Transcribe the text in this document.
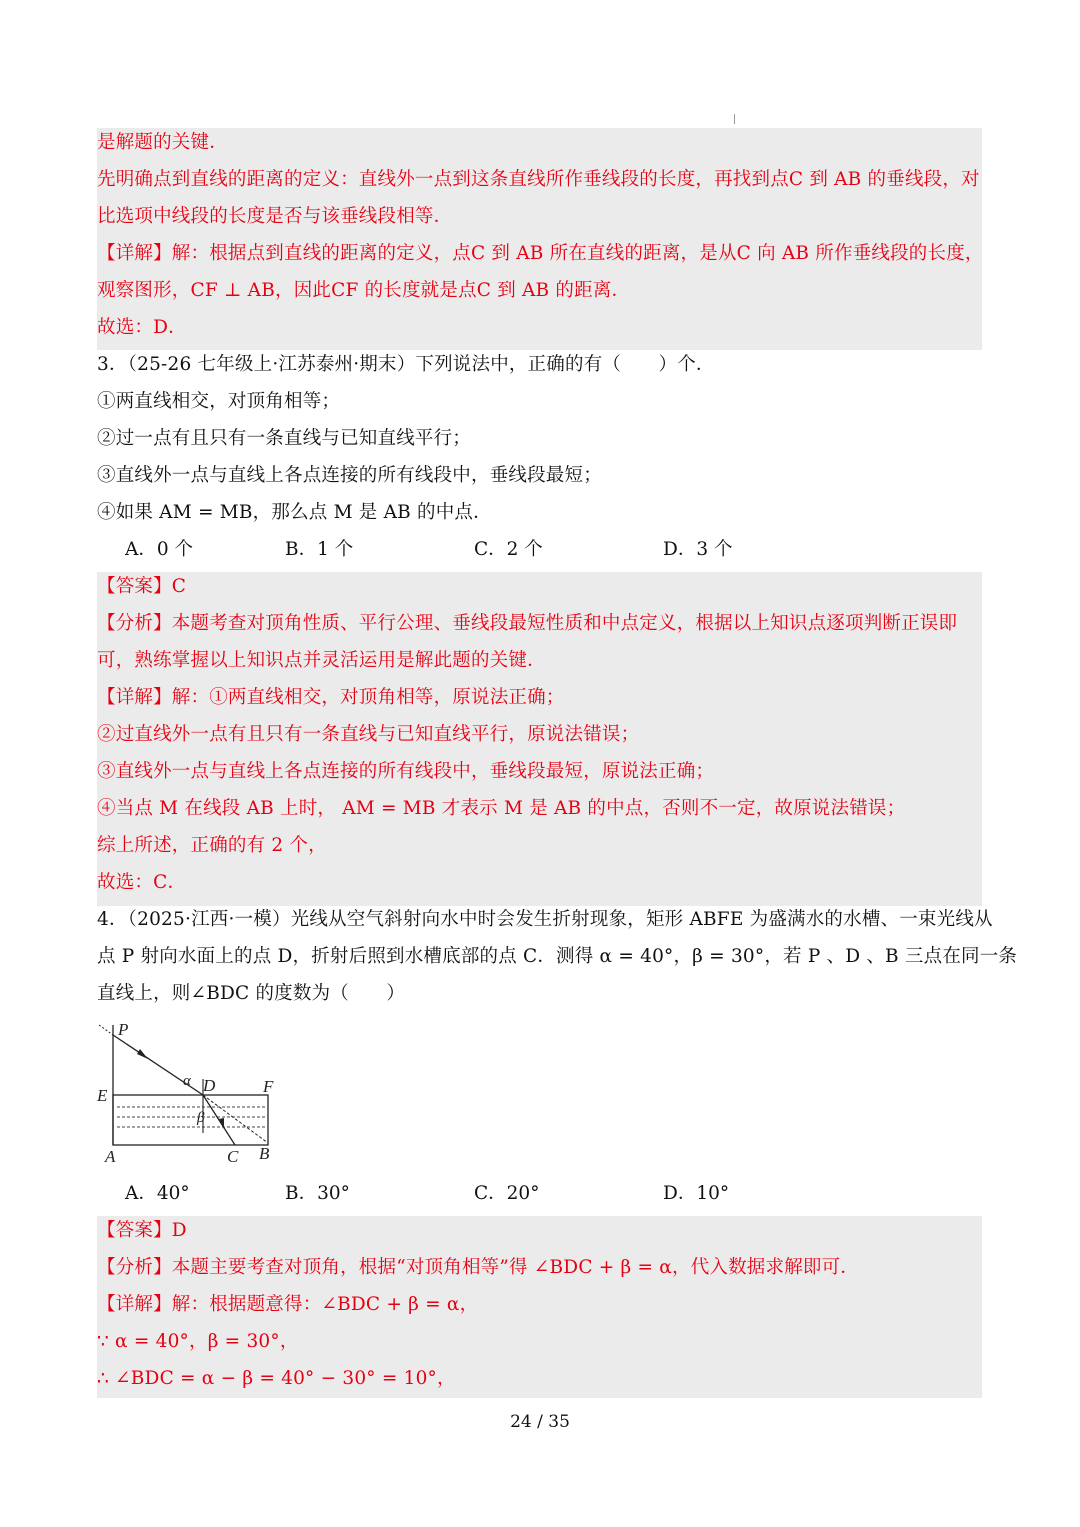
是解题的关键．
先明确点到直线的距离的定义：直线外一点到这条直线所作垂线段的长度，再找到点C 到 AB 的垂线段，对
比选项中线段的长度是否与该垂线段相等．
【详解】解：根据点到直线的距离的定义，点C 到 AB 所在直线的距离，是从C 向 AB 所作垂线段的长度，
观察图形，CF ⊥ AB，因此CF 的长度就是点C 到 AB 的距离．
故选：D．
3．（25-26 七年级上·江苏泰州·期末）下列说法中，正确的有（　　）个．
①两直线相交，对顶角相等；
②过一点有且只有一条直线与已知直线平行；
③直线外一点与直线上各点连接的所有线段中，垂线段最短；
④如果 AM = MB，那么点 M 是 AB 的中点．
A．0 个	B．1 个	C．2 个	D．3 个
【答案】C
【分析】本题考查对顶角性质、平行公理、垂线段最短性质和中点定义，根据以上知识点逐项判断正误即
可，熟练掌握以上知识点并灵活运用是解此题的关键．
【详解】解：①两直线相交，对顶角相等，原说法正确；
②过直线外一点有且只有一条直线与已知直线平行，原说法错误；
③直线外一点与直线上各点连接的所有线段中，垂线段最短，原说法正确；
④当点 M 在线段 AB 上时， AM = MB 才表示 M 是 AB 的中点，否则不一定，故原说法错误；
综上所述，正确的有 2 个，
故选：C．
4．（2025·江西·一模）光线从空气斜射向水中时会发生折射现象，矩形 ABFE 为盛满水的水槽、一束光线从
点 P 射向水面上的点 D，折射后照到水槽底部的点 C．测得 α = 40°，β = 30°，若 P 、D 、B 三点在同一条
直线上，则∠BDC 的度数为（　　）
P
E	F
D
α
β
A	C B
A．40°	B．30°	C．20°	D．10°
【答案】D
【分析】本题主要考查对顶角，根据“对顶角相等”得 ∠BDC + β = α，代入数据求解即可．
【详解】解：根据题意得：∠BDC + β = α，
∵ α = 40°，β = 30°，
∴ ∠BDC = α − β = 40° − 30° = 10°，
24 / 35
